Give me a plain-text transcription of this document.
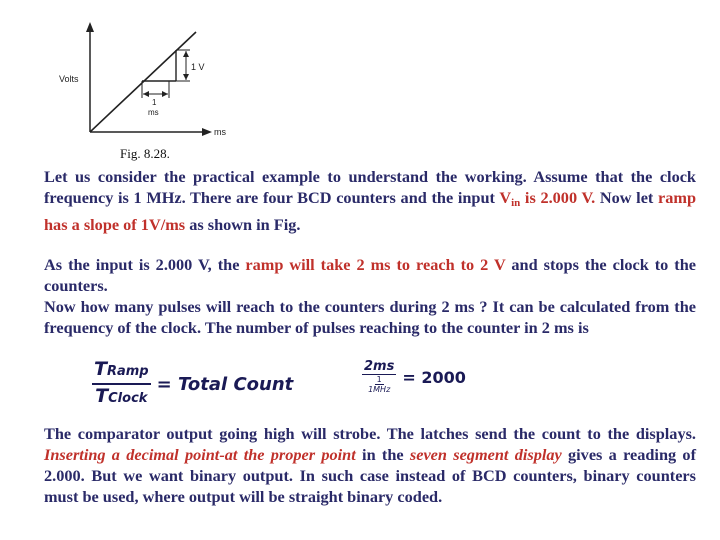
1 V
1
ms
Volts
ms
Fig. 8.28.

Let us consider the practical example to understand the working. Assume that the clock frequency is 1 MHz. There are four BCD counters and the input $V_{in}$ is 2.000 V. Now let ramp has a slope of 1V/ms as shown in Fig.

As the input is 2.000 V, the ramp will take 2 ms to reach to 2 V and stops the clock to the counters.
Now how many pulses will reach to the counters during 2 ms ? It can be calculated from the frequency of the clock. The number of pulses reaching to the counter in 2 ms is

$\frac{\text{TRamp}}{\text{TClock}}$ = Total Count
2ms
1
1MHz
= 2000

The comparator output going high will strobe. The latches send the count to the displays. Inserting a decimal point-at the proper point in the seven segment display gives a reading of 2.000. But we want binary output. In such case instead of BCD counters, binary counters must be used, where output will be straight binary coded.
